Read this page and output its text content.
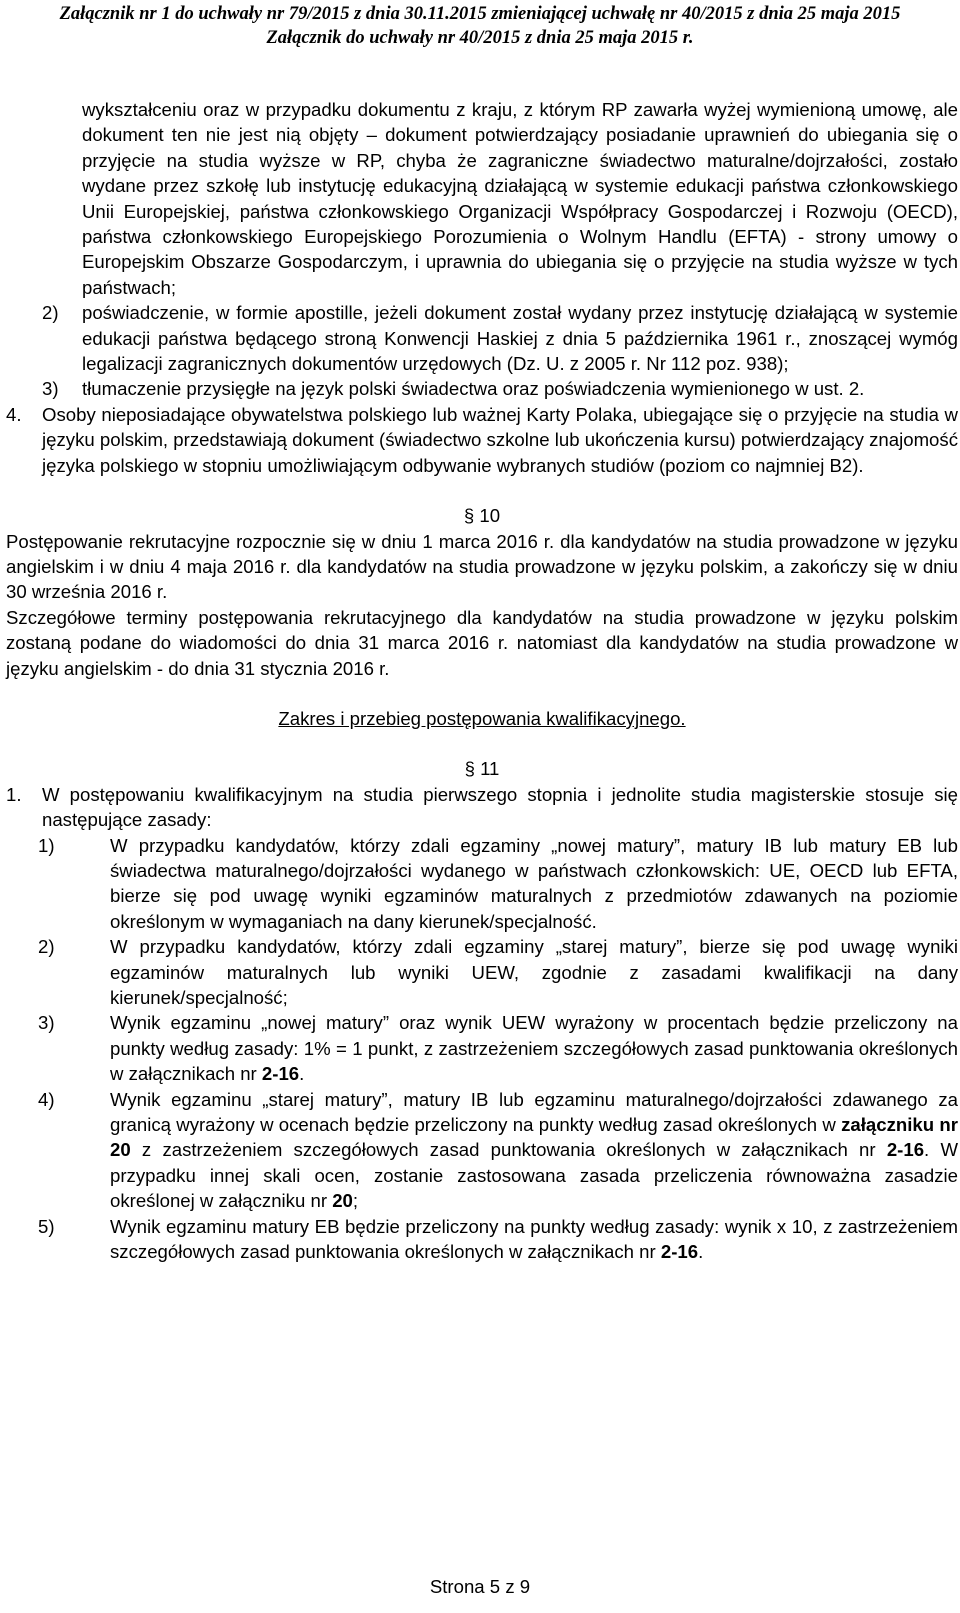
Załącznik nr 1 do uchwały nr 79/2015 z dnia 30.11.2015 zmieniającej uchwałę nr 40/2015 z dnia 25 maja 2015
Załącznik do uchwały nr 40/2015 z dnia 25 maja 2015 r.
wykształceniu oraz w przypadku dokumentu z kraju, z którym RP zawarła wyżej wymienioną umowę, ale dokument ten nie jest nią objęty – dokument potwierdzający posiadanie uprawnień do ubiegania się o przyjęcie na studia wyższe w RP, chyba że zagraniczne świadectwo maturalne/dojrzałości, zostało wydane przez szkołę lub instytucję edukacyjną działającą w systemie edukacji państwa członkowskiego Unii Europejskiej, państwa członkowskiego Organizacji Współpracy Gospodarczej i Rozwoju (OECD), państwa członkowskiego Europejskiego Porozumienia o Wolnym Handlu (EFTA) - strony umowy o Europejskim Obszarze Gospodarczym, i uprawnia do ubiegania się o przyjęcie na studia wyższe w tych państwach;
2) poświadczenie, w formie apostille, jeżeli dokument został wydany przez instytucję działającą w systemie edukacji państwa będącego stroną Konwencji Haskiej z dnia 5 października 1961 r., znoszącej wymóg legalizacji zagranicznych dokumentów urzędowych (Dz. U. z 2005 r. Nr 112 poz. 938);
3) tłumaczenie przysięgłe na język polski świadectwa oraz poświadczenia wymienionego w ust. 2.
4. Osoby nieposiadające obywatelstwa polskiego lub ważnej Karty Polaka, ubiegające się o przyjęcie na studia w języku polskim, przedstawiają dokument (świadectwo szkolne lub ukończenia kursu) potwierdzający znajomość języka polskiego w stopniu umożliwiającym odbywanie wybranych studiów (poziom co najmniej B2).
§ 10
Postępowanie rekrutacyjne rozpocznie się w dniu 1 marca 2016 r. dla kandydatów na studia prowadzone w języku angielskim i w dniu 4 maja 2016 r. dla kandydatów na studia prowadzone w języku polskim, a zakończy się w dniu 30 września 2016 r.
Szczegółowe terminy postępowania rekrutacyjnego dla kandydatów na studia prowadzone w języku polskim zostaną podane do wiadomości do dnia 31 marca 2016 r. natomiast dla kandydatów na studia prowadzone w języku angielskim - do dnia 31 stycznia 2016 r.
Zakres i przebieg postępowania kwalifikacyjnego.
§ 11
1. W postępowaniu kwalifikacyjnym na studia pierwszego stopnia i jednolite studia magisterskie stosuje się następujące zasady:
1)	W przypadku kandydatów, którzy zdali egzaminy „nowej matury”, matury IB lub matury EB lub świadectwa maturalnego/dojrzałości wydanego w państwach członkowskich: UE, OECD lub EFTA, bierze się pod uwagę wyniki egzaminów maturalnych z przedmiotów zdawanych na poziomie określonym w wymaganiach na dany kierunek/specjalność.
2)	W przypadku kandydatów, którzy zdali egzaminy „starej matury”, bierze się pod uwagę wyniki egzaminów maturalnych lub wyniki UEW, zgodnie z zasadami kwalifikacji na dany kierunek/specjalność;
3)	Wynik egzaminu „nowej matury” oraz wynik UEW wyrażony w procentach będzie przeliczony na punkty według zasady: 1% = 1 punkt, z zastrzeżeniem szczegółowych zasad punktowania określonych w załącznikach nr 2-16.
4)	Wynik egzaminu „starej matury”, matury IB lub egzaminu maturalnego/dojrzałości zdawanego za granicą wyrażony w ocenach będzie przeliczony na punkty według zasad określonych w załączniku nr 20 z zastrzeżeniem szczegółowych zasad punktowania określonych w załącznikach nr 2-16. W przypadku innej skali ocen, zostanie zastosowana zasada przeliczenia równoważna zasadzie określonej w załączniku nr 20;
5)	Wynik egzaminu matury EB będzie przeliczony na punkty według zasady: wynik x 10, z zastrzeżeniem szczegółowych zasad punktowania określonych w załącznikach nr 2-16.
Strona 5 z 9
